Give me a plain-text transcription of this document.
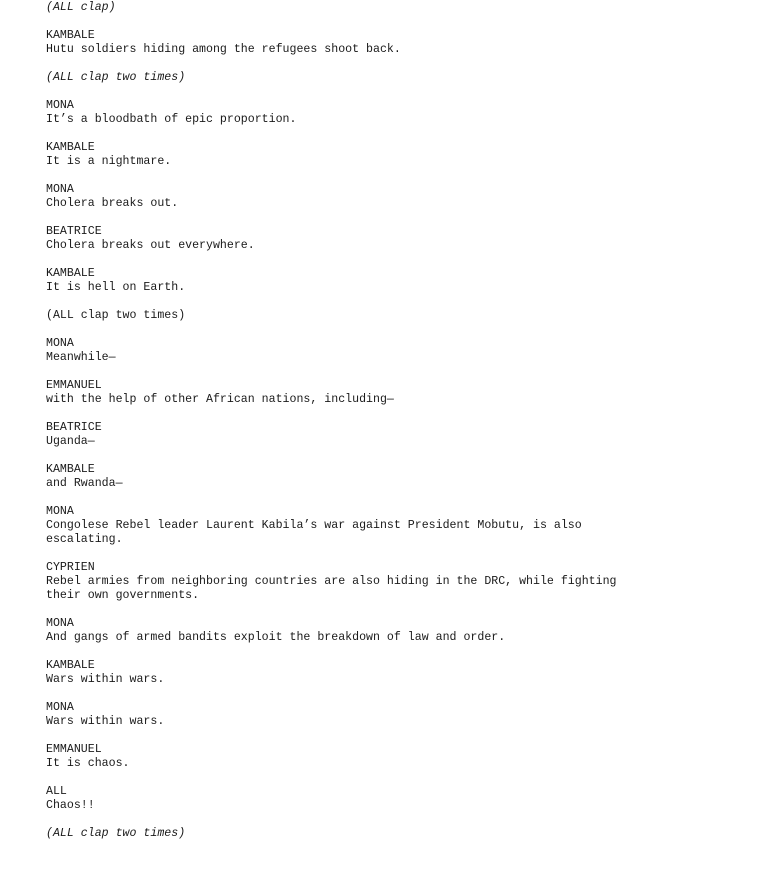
(ALL clap)
KAMBALE
Hutu soldiers hiding among the refugees shoot back.
(ALL clap two times)
MONA
It’s a bloodbath of epic proportion.
KAMBALE
It is a nightmare.
MONA
Cholera breaks out.
BEATRICE
Cholera breaks out everywhere.
KAMBALE
It is hell on Earth.
(ALL clap two times)
MONA
Meanwhile—
EMMANUEL
with the help of other African nations, including—
BEATRICE
Uganda—
KAMBALE
and Rwanda—
MONA
Congolese Rebel leader Laurent Kabila’s war against President Mobutu, is also
escalating.
CYPRIEN
Rebel armies from neighboring countries are also hiding in the DRC, while fighting
their own governments.
MONA
And gangs of armed bandits exploit the breakdown of law and order.
KAMBALE
Wars within wars.
MONA
Wars within wars.
EMMANUEL
It is chaos.
ALL
Chaos!!
(ALL clap two times)
